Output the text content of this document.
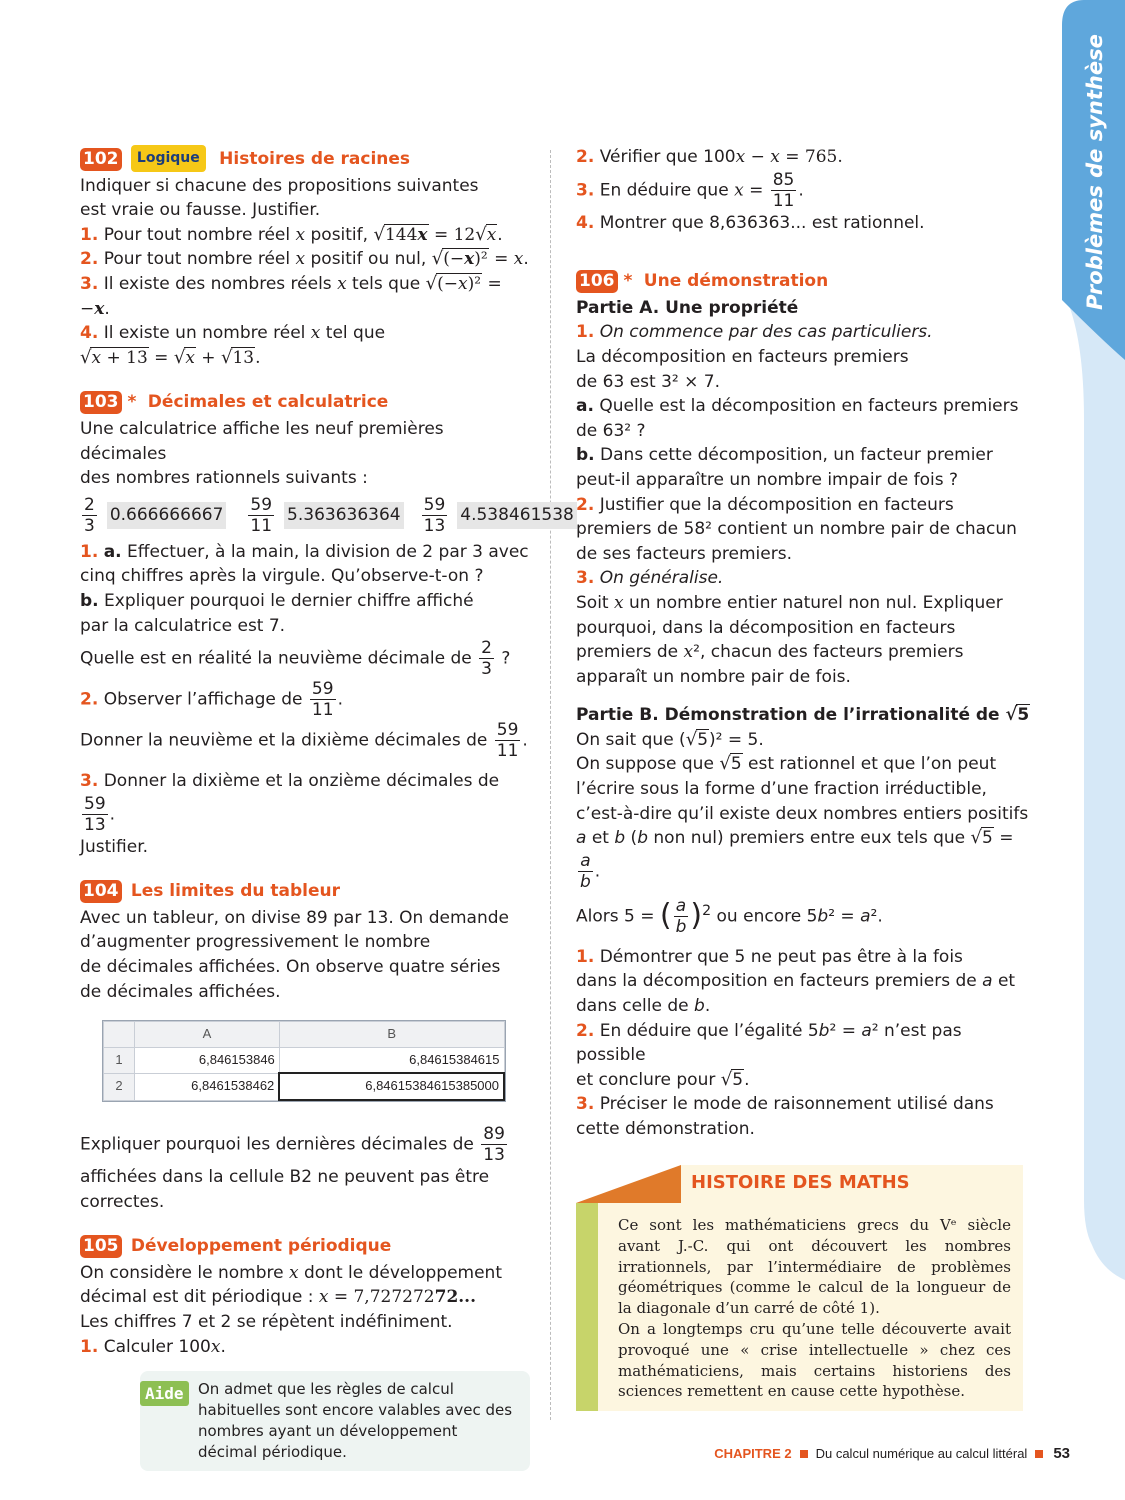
Problèmes de synthèse
102 Logique Histoires de racines
Indiquer si chacune des propositions suivantes
est vraie ou fausse. Justifier.
1. Pour tout nombre réel x positif, √144x = 12√x.
2. Pour tout nombre réel x positif ou nul, √(−x)² = x.
3. Il existe des nombres réels x tels que √(−x)² = −x.
4. Il existe un nombre réel x tel que
√x + 13 = √x + √13.
103 * Décimales et calculatrice
Une calculatrice affiche les neuf premières décimales
des nombres rationnels suivants :
$\frac{2}{3} 0.666666667 \frac{59}{11} 5.363636364 \frac{59}{13} 4.538461538$
1. a. Effectuer, à la main, la division de 2 par 3 avec
cinq chiffres après la virgule. Qu’observe-t-on ?
b. Expliquer pourquoi le dernier chiffre affiché
par la calculatrice est 7.
Quelle est en réalité la neuvième décimale de $\frac{2}{3}$ ?
2. Observer l’affichage de $\frac{59}{11}$ .
Donner la neuvième et la dixième décimales de $\frac{59}{11}$ .
3. Donner la dixième et la onzième décimales de
$\frac{59}{13}$ .
Justifier.
104 Les limites du tableur
Avec un tableur, on divise 89 par 13. On demande
d’augmenter progressivement le nombre
de décimales affichées. On observe quatre séries
de décimales affichées.
	A	B
1	6,846153846	6,84615384615
2	6,8461538462	6,84615384615385000
Expliquer pourquoi les dernières décimales de $\frac{89}{13}$
affichées dans la cellule B2 ne peuvent pas être
correctes.
105 Développement périodique
On considère le nombre x dont le développement
décimal est dit périodique : x = 7,72727272...
Les chiffres 7 et 2 se répètent indéfiniment.
1. Calculer 100x.
Aide On admet que les règles de calcul habituelles sont encore valables avec des nombres ayant un développement décimal périodique.
2. Vérifier que 100x − x = 765.
3. En déduire que $x = \frac{85}{11}$ .
4. Montrer que 8,636363... est rationnel.
106 * Une démonstration
Partie A. Une propriété
1. On commence par des cas particuliers.
La décomposition en facteurs premiers
de 63 est 3² × 7.
a. Quelle est la décomposition en facteurs premiers
de 63² ?
b. Dans cette décomposition, un facteur premier
peut-il apparaître un nombre impair de fois ?
2. Justifier que la décomposition en facteurs
premiers de 58² contient un nombre pair de chacun
de ses facteurs premiers.
3. On généralise.
Soit x un nombre entier naturel non nul. Expliquer
pourquoi, dans la décomposition en facteurs
premiers de x², chacun des facteurs premiers
apparaît un nombre pair de fois.
Partie B. Démonstration de l’irrationalité de √5
On sait que (√5)² = 5.
On suppose que √5 est rationnel et que l’on peut
l’écrire sous la forme d’une fraction irréductible,
c’est-à-dire qu’il existe deux nombres entiers positifs
a et b (b non nul) premiers entre eux tels que √5 =
$\frac{a}{b}$ .
Alors 5 = ( $\frac{a}{b} )^2$ ou encore 5b² = a².
1. Démontrer que 5 ne peut pas être à la fois
dans la décomposition en facteurs premiers de a et
dans celle de b.
2. En déduire que l’égalité 5b² = a² n’est pas possible
et conclure pour √5.
3. Préciser le mode de raisonnement utilisé dans
cette démonstration.
HISTOIRE DES MATHS
Ce sont les mathématiciens grecs du Vᵉ siècle avant J.-C. qui ont découvert les nombres irrationnels, par l’intermédiaire de problèmes géométriques (comme le calcul de la longueur de la diagonale d’un carré de côté 1).
On a longtemps cru qu’une telle découverte avait provoqué une « crise intellectuelle » chez ces mathématiciens, mais certains historiens des sciences remettent en cause cette hypothèse.
CHAPITRE 2 Du calcul numérique au calcul littéral 53
